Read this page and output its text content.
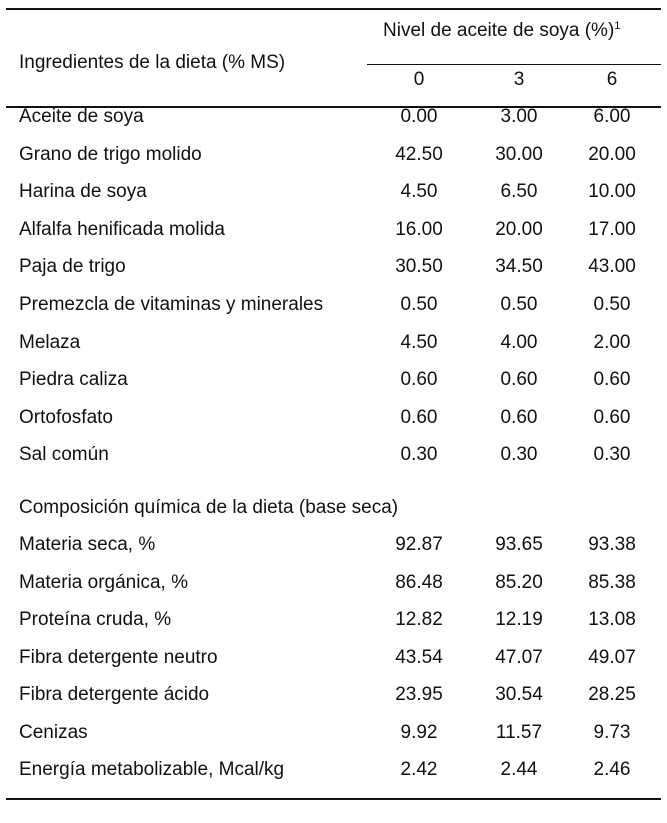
Ingredientes de la dieta (% MS)
Nivel de aceite de soya (%)$^1$
0	3	6
Aceite de soya	0.00	3.00	6.00
Grano de trigo molido	42.50	30.00	20.00
Harina de soya	4.50	6.50	10.00
Alfalfa henificada molida	16.00	20.00	17.00
Paja de trigo	30.50	34.50	43.00
Premezcla de vitaminas y minerales	0.50	0.50	0.50
Melaza	4.50	4.00	2.00
Piedra caliza	0.60	0.60	0.60
Ortofosfato	0.60	0.60	0.60
Sal común	0.30	0.30	0.30
Composición química de la dieta (base seca)
Materia seca, %	92.87	93.65	93.38
Materia orgánica, %	86.48	85.20	85.38
Proteína cruda, %	12.82	12.19	13.08
Fibra detergente neutro	43.54	47.07	49.07
Fibra detergente ácido	23.95	30.54	28.25
Cenizas	9.92	11.57	9.73
Energía metabolizable, Mcal/kg	2.42	2.44	2.46
